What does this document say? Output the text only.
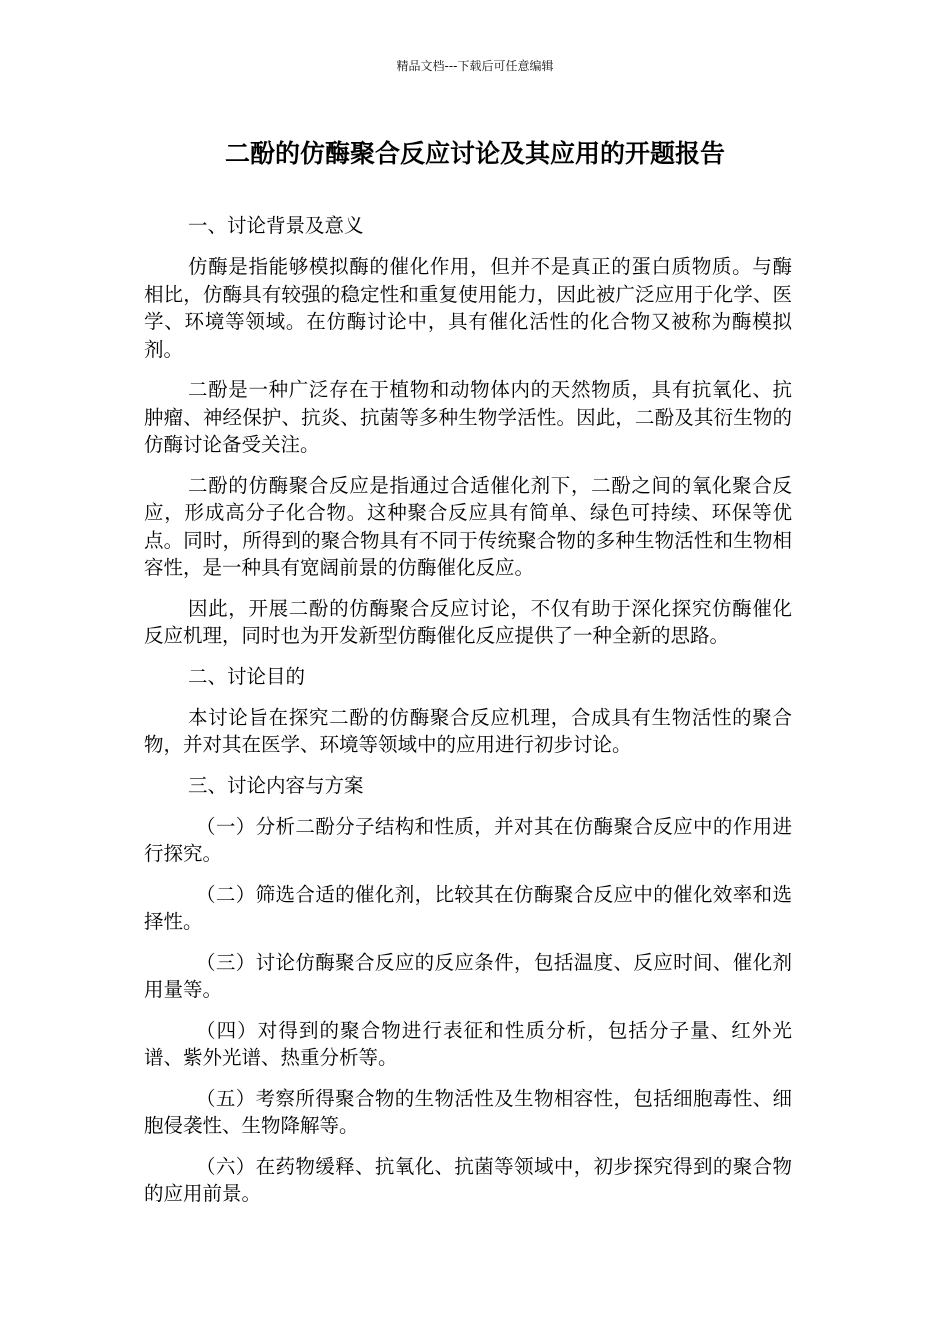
精品文档---下载后可任意编辑
二酚的仿酶聚合反应讨论及其应用的开题报告
一、讨论背景及意义

仿酶是指能够模拟酶的催化作用，但并不是真正的蛋白质物质。与酶相比，仿酶具有较强的稳定性和重复使用能力，因此被广泛应用于化学、医学、环境等领域。在仿酶讨论中，具有催化活性的化合物又被称为酶模拟剂。

二酚是一种广泛存在于植物和动物体内的天然物质，具有抗氧化、抗肿瘤、神经保护、抗炎、抗菌等多种生物学活性。因此，二酚及其衍生物的仿酶讨论备受关注。

二酚的仿酶聚合反应是指通过合适催化剂下，二酚之间的氧化聚合反应，形成高分子化合物。这种聚合反应具有简单、绿色可持续、环保等优点。同时，所得到的聚合物具有不同于传统聚合物的多种生物活性和生物相容性，是一种具有宽阔前景的仿酶催化反应。

因此，开展二酚的仿酶聚合反应讨论，不仅有助于深化探究仿酶催化反应机理，同时也为开发新型仿酶催化反应提供了一种全新的思路。

二、讨论目的

本讨论旨在探究二酚的仿酶聚合反应机理，合成具有生物活性的聚合物，并对其在医学、环境等领域中的应用进行初步讨论。

三、讨论内容与方案

（一）分析二酚分子结构和性质，并对其在仿酶聚合反应中的作用进行探究。

（二）筛选合适的催化剂，比较其在仿酶聚合反应中的催化效率和选择性。

（三）讨论仿酶聚合反应的反应条件，包括温度、反应时间、催化剂用量等。

（四）对得到的聚合物进行表征和性质分析，包括分子量、红外光谱、紫外光谱、热重分析等。

（五）考察所得聚合物的生物活性及生物相容性，包括细胞毒性、细胞侵袭性、生物降解等。

（六）在药物缓释、抗氧化、抗菌等领域中，初步探究得到的聚合物的应用前景。
